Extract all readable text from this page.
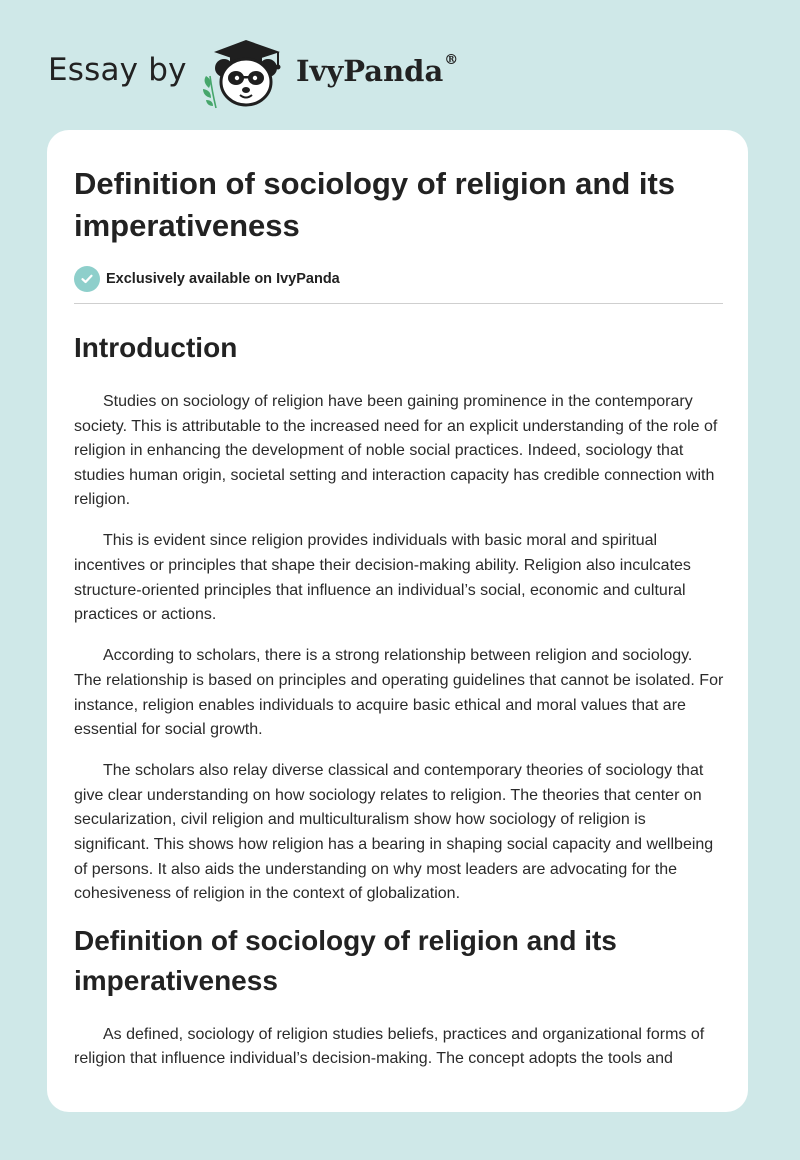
Essay by	IvyPanda®
Definition of sociology of religion and its imperativeness
Exclusively available on IvyPanda
Introduction

Studies on sociology of religion have been gaining prominence in the contemporary society. This is attributable to the increased need for an explicit understanding of the role of religion in enhancing the development of noble social practices. Indeed, sociology that studies human origin, societal setting and interaction capacity has credible connection with religion.

This is evident since religion provides individuals with basic moral and spiritual incentives or principles that shape their decision-making ability. Religion also inculcates structure-oriented principles that influence an individual’s social, economic and cultural practices or actions.

According to scholars, there is a strong relationship between religion and sociology. The relationship is based on principles and operating guidelines that cannot be isolated. For instance, religion enables individuals to acquire basic ethical and moral values that are essential for social growth.

The scholars also relay diverse classical and contemporary theories of sociology that give clear understanding on how sociology relates to religion. The theories that center on secularization, civil religion and multiculturalism show how sociology of religion is significant. This shows how religion has a bearing in shaping social capacity and wellbeing of persons. It also aids the understanding on why most leaders are advocating for the cohesiveness of religion in the context of globalization.

Definition of sociology of religion and its imperativeness

As defined, sociology of religion studies beliefs, practices and organizational forms of religion that influence individual’s decision-making. The concept adopts the tools and
